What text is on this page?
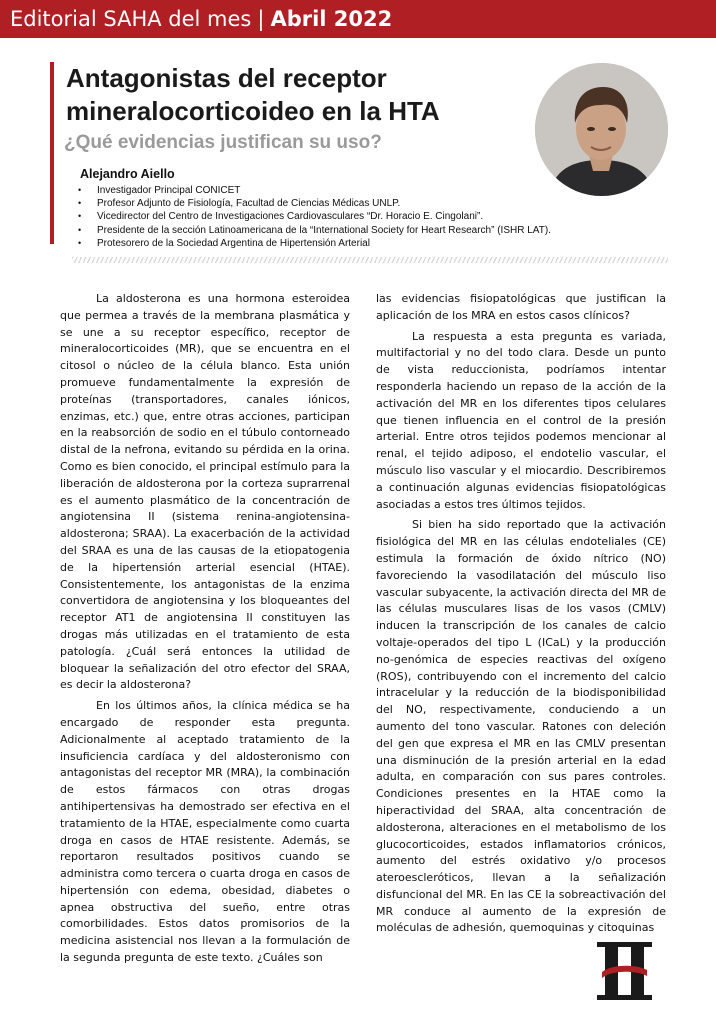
Editorial SAHA del mes | Abril 2022
Antagonistas del receptor
mineralocorticoideo en la HTA
¿Qué evidencias justifican su uso?
Alejandro Aiello
• Investigador Principal CONICET
• Profesor Adjunto de Fisiología, Facultad de Ciencias Médicas UNLP.
• Vicedirector del Centro de Investigaciones Cardiovasculares “Dr. Horacio E. Cingolani”.
• Presidente de la sección Latinoamericana de la “International Society for Heart Research” (ISHR LAT).
• Protesorero de la Sociedad Argentina de Hipertensión Arterial

La aldosterona es una hormona esteroidea que permea a través de la membrana plasmática y se une a su receptor específico, receptor de mineralocorticoides (MR), que se encuentra en el citosol o núcleo de la célula blanco. Esta unión promueve fundamentalmente la expresión de proteínas (transportadores, canales iónicos, enzimas, etc.) que, entre otras acciones, participan en la reabsorción de sodio en el túbulo contorneado distal de la nefrona, evitando su pérdida en la orina. Como es bien conocido, el principal estímulo para la liberación de aldosterona por la corteza suprarrenal es el aumento plasmático de la concentración de angiotensina II (sistema renina-angiotensina-aldosterona; SRAA). La exacerbación de la actividad del SRAA es una de las causas de la etiopatogenia de la hipertensión arterial esencial (HTAE). Consistentemente, los antagonistas de la enzima convertidora de angiotensina y los bloqueantes del receptor AT1 de angiotensina II constituyen las drogas más utilizadas en el tratamiento de esta patología. ¿Cuál será entonces la utilidad de bloquear la señalización del otro efector del SRAA, es decir la aldosterona?

En los últimos años, la clínica médica se ha encargado de responder esta pregunta. Adicionalmente al aceptado tratamiento de la insuficiencia cardíaca y del aldosteronismo con antagonistas del receptor MR (MRA), la combinación de estos fármacos con otras drogas antihipertensivas ha demostrado ser efectiva en el tratamiento de la HTAE, especialmente como cuarta droga en casos de HTAE resistente. Además, se reportaron resultados positivos cuando se administra como tercera o cuarta droga en casos de hipertensión con edema, obesidad, diabetes o apnea obstructiva del sueño, entre otras comorbilidades. Estos datos promisorios de la medicina asistencial nos llevan a la formulación de la segunda pregunta de este texto. ¿Cuáles son

las evidencias fisiopatológicas que justifican la aplicación de los MRA en estos casos clínicos?

La respuesta a esta pregunta es variada, multifactorial y no del todo clara. Desde un punto de vista reduccionista, podríamos intentar responderla haciendo un repaso de la acción de la activación del MR en los diferentes tipos celulares que tienen influencia en el control de la presión arterial. Entre otros tejidos podemos mencionar al renal, el tejido adiposo, el endotelio vascular, el músculo liso vascular y el miocardio. Describiremos a continuación algunas evidencias fisiopatológicas asociadas a estos tres últimos tejidos.

Si bien ha sido reportado que la activación fisiológica del MR en las células endoteliales (CE) estimula la formación de óxido nítrico (NO) favoreciendo la vasodilatación del músculo liso vascular subyacente, la activación directa del MR de las células musculares lisas de los vasos (CMLV) inducen la transcripción de los canales de calcio voltaje-operados del tipo L (ICaL) y la producción no-genómica de especies reactivas del oxígeno (ROS), contribuyendo con el incremento del calcio intracelular y la reducción de la biodisponibilidad del NO, respectivamente, conduciendo a un aumento del tono vascular. Ratones con deleción del gen que expresa el MR en las CMLV presentan una disminución de la presión arterial en la edad adulta, en comparación con sus pares controles. Condiciones presentes en la HTAE como la hiperactividad del SRAA, alta concentración de aldosterona, alteraciones en el metabolismo de los glucocorticoides, estados inflamatorios crónicos, aumento del estrés oxidativo y/o procesos ateroescleróticos, llevan a la señalización disfuncional del MR. En las CE la sobreactivación del MR conduce al aumento de la expresión de moléculas de adhesión, quemoquinas y citoquinas
